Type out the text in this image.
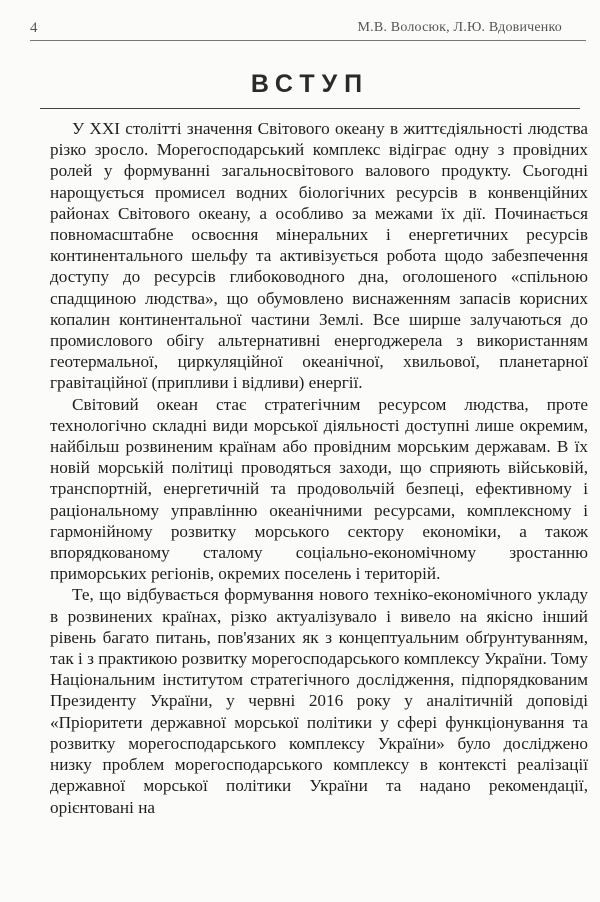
4	М.В. Волосюк, Л.Ю. Вдовиченко
ВСТУП

У XXI столітті значення Світового океану в життєдіяльності людства різко зросло. Морегосподарський комплекс відіграє одну з провідних ролей у формуванні загальносвітового валового продукту. Сьогодні нарощується промисел водних біологічних ресурсів в конвенційних районах Світового океану, а особливо за межами їх дії. Починається повномасштабне освоєння мінеральних і енергетичних ресурсів континентального шельфу та активізується робота щодо забезпечення доступу до ресурсів глибоководного дна, оголошеного «спільною спадщиною людства», що обумовлено виснаженням запасів корисних копалин континентальної частини Землі. Все ширше залучаються до промислового обігу альтернативні енергоджерела з використанням геотермальної, циркуляційної океанічної, хвильової, планетарної гравітаційної (припливи і відливи) енергії.

Світовий океан стає стратегічним ресурсом людства, проте технологічно складні види морської діяльності доступні лише окремим, найбільш розвиненим країнам або провідним морським державам. В їх новій морській політиці проводяться заходи, що сприяють військовій, транспортній, енергетичній та продовольчій безпеці, ефективному і раціональному управлінню океанічними ресурсами, комплексному і гармонійному розвитку морського сектору економіки, а також впорядкованому сталому соціально-економічному зростанню приморських регіонів, окремих поселень і територій.

Те, що відбувається формування нового техніко-економічного укладу в розвинених країнах, різко актуалізувало і вивело на якісно інший рівень багато питань, пов'язаних як з концептуальним обґрунтуванням, так і з практикою розвитку морегосподарського комплексу України. Тому Національним інститутом стратегічного дослідження, підпорядкованим Президенту України, у червні 2016 року у аналітичній доповіді «Пріоритети державної морської політики у сфері функціонування та розвитку морегосподарського комплексу України» було досліджено низку проблем морегосподарського комплексу в контексті реалізації державної морської політики України та надано рекомендації, орієнтовані на
